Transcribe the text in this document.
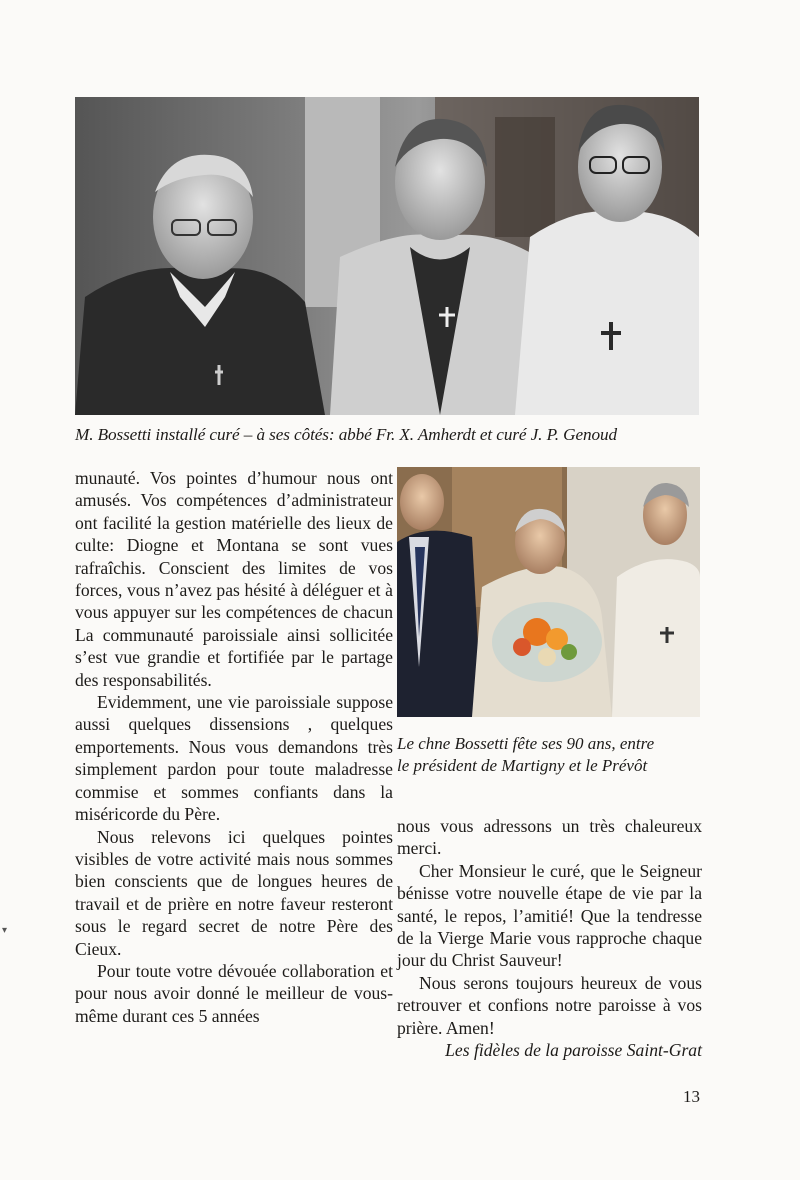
M. Bossetti installé curé – à ses côtés: abbé Fr. X. Amherdt et curé J. P. Genoud

munauté. Vos pointes d’humour nous ont amusés. Vos compétences d’administrateur ont facilité la gestion matérielle des lieux de culte: Diogne et Montana se sont vues rafraîchis. Conscient des limites de vos forces, vous n’avez pas hésité à déléguer et à vous appuyer sur les compétences de chacun La communauté paroissiale ainsi sollicitée s’est vue grandie et fortifiée par le partage des responsabilités.

Evidemment, une vie paroissiale suppose aussi quelques dissensions , quelques emportements. Nous vous demandons très simplement pardon pour toute maladresse commise et sommes confiants dans la miséricorde du Père.

Nous relevons ici quelques pointes visibles de votre activité mais nous sommes bien conscients que de longues heures de travail et de prière en notre faveur resteront sous le regard secret de notre Père des Cieux.

Pour toute votre dévouée collaboration et pour nous avoir donné le meilleur de vous-même durant ces 5 années

Le chne Bossetti fête ses 90 ans, entre
le président de Martigny et le Prévôt

nous vous adressons un très chaleureux merci.

Cher Monsieur le curé, que le Seigneur bénisse votre nouvelle étape de vie par la santé, le repos, l’amitié! Que la tendresse de la Vierge Marie vous rapproche chaque jour du Christ Sauveur!

Nous serons toujours heureux de vous retrouver et confions notre paroisse à vos prière. Amen!

Les fidèles de la paroisse Saint-Grat

▾
13
